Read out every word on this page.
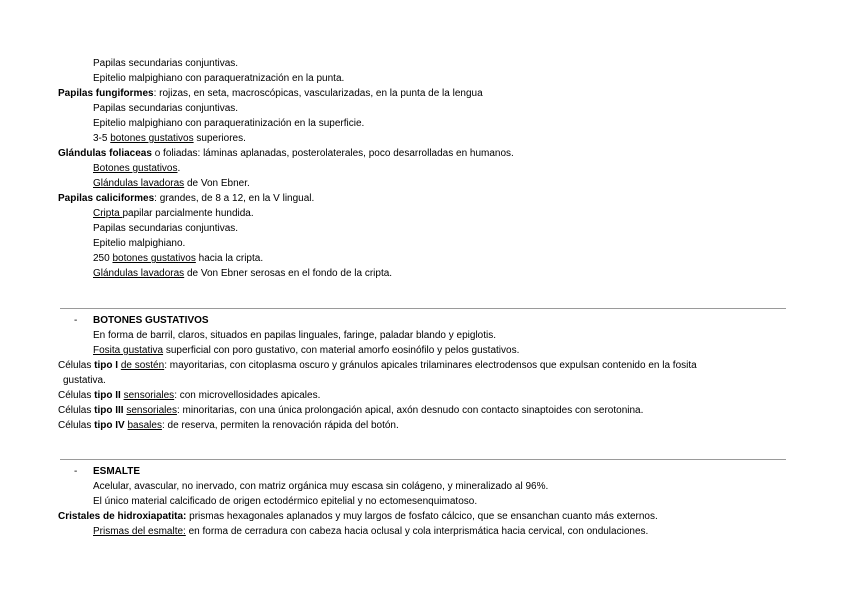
Papilas secundarias conjuntivas.
Epitelio malpighiano con paraqueratnización en la punta.
Papilas fungiformes: rojizas, en seta, macroscópicas, vascularizadas, en la punta de la lengua
Papilas secundarias conjuntivas.
Epitelio malpighiano con paraqueratinización en la superficie.
3-5 botones gustativos superiores.
Glándulas foliaceas o foliadas: láminas aplanadas, posterolaterales, poco desarrolladas en humanos.
Botones gustativos.
Glándulas lavadoras de Von Ebner.
Papilas caliciformes: grandes, de 8 a 12, en la V lingual.
Cripta papilar parcialmente hundida.
Papilas secundarias conjuntivas.
Epitelio malpighiano.
250 botones gustativos hacia la cripta.
Glándulas lavadoras de Von Ebner serosas en el fondo de la cripta.
- BOTONES GUSTATIVOS
En forma de barril, claros, situados en papilas linguales, faringe, paladar blando y epiglotis.
Fosita gustativa superficial con poro gustativo, con material amorfo eosinófilo y pelos gustativos.
Células tipo I de sostén: mayoritarias, con citoplasma oscuro y gránulos apicales trilaminares electrodensos que expulsan contenido en la fosita
gustativa.
Células tipo II sensoriales: con microvellosidades apicales.
Células tipo III sensoriales: minoritarias, con una única prolongación apical, axón desnudo con contacto sinaptoides con serotonina.
Células tipo IV basales: de reserva, permiten la renovación rápida del botón.
- ESMALTE
Acelular, avascular, no inervado, con matriz orgánica muy escasa sin colágeno, y mineralizado al 96%.
El único material calcificado de origen ectodérmico epitelial y no ectomesenquimatoso.
Cristales de hidroxiapatita: prismas hexagonales aplanados y muy largos de fosfato cálcico, que se ensanchan cuanto más externos.
Prismas del esmalte: en forma de cerradura con cabeza hacia oclusal y cola interprismática hacia cervical, con ondulaciones.
